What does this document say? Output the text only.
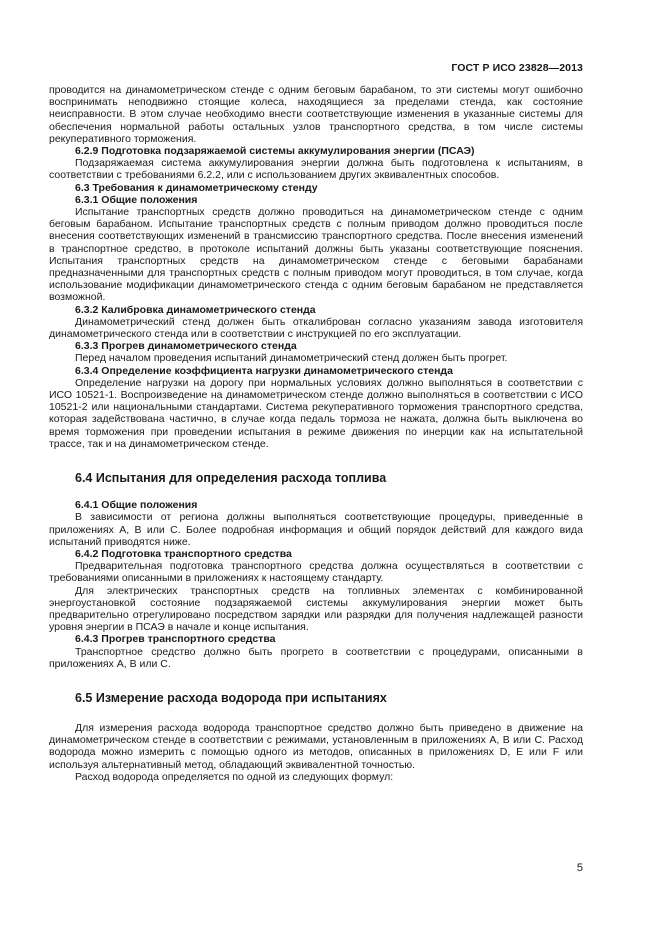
ГОСТ Р ИСО 23828—2013

проводится на динамометрическом стенде с одним беговым барабаном, то эти системы могут ошибочно воспринимать неподвижно стоящие колеса, находящиеся за пределами стенда, как состояние неисправности. В этом случае необходимо внести соответствующие изменения в указанные системы для обеспечения нормальной работы остальных узлов транспортного средства, в том числе системы рекуперативного торможения.

6.2.9 Подготовка подзаряжаемой системы аккумулирования энергии (ПСАЭ)

Подзаряжаемая система аккумулирования энергии должна быть подготовлена к испытаниям, в соответствии с требованиями 6.2.2, или с использованием других эквивалентных способов.

6.3 Требования к динамометрическому стенду
6.3.1 Общие положения

Испытание транспортных средств должно проводиться на динамометрическом стенде с одним беговым барабаном. Испытание транспортных средств с полным приводом должно проводиться после внесения соответствующих изменений в трансмиссию транспортного средства. После внесения изменений в транспортное средство, в протоколе испытаний должны быть указаны соответствующие пояснения. Испытания транспортных средств на динамометрическом стенде с беговыми барабанами предназначенными для транспортных средств с полным приводом могут проводиться, в том случае, когда использование модификации динамометрического стенда с одним беговым барабаном не представляется возможной.

6.3.2 Калибровка динамометрического стенда

Динамометрический стенд должен быть откалиброван согласно указаниям завода изготовителя динамометрического стенда или в соответствии с инструкцией по его эксплуатации.

6.3.3 Прогрев динамометрического стенда

Перед началом проведения испытаний динамометрический стенд должен быть прогрет.

6.3.4 Определение коэффициента нагрузки динамометрического стенда

Определение нагрузки на дорогу при нормальных условиях должно выполняться в соответствии с ИСО 10521-1. Воспроизведение на динамометрическом стенде должно выполняться в соответствии с ИСО 10521-2 или национальными стандартами. Система рекуперативного торможения транспортного средства, которая задействована частично, в случае когда педаль тормоза не нажата, должна быть выключена во время торможения при проведении испытания в режиме движения по инерции как на испытательной трассе, так и на динамометрическом стенде.

6.4 Испытания для определения расхода топлива
6.4.1 Общие положения

В зависимости от региона должны выполняться соответствующие процедуры, приведенные в приложениях А, В или С. Более подробная информация и общий порядок действий для каждого вида испытаний приводятся ниже.

6.4.2 Подготовка транспортного средства

Предварительная подготовка транспортного средства должна осуществляться в соответствии с требованиями описанными в приложениях к настоящему стандарту.

Для электрических транспортных средств на топливных элементах с комбинированной энергоустановкой состояние подзаряжаемой системы аккумулирования энергии может быть предварительно отрегулировано посредством зарядки или разрядки для получения надлежащей разности уровня энергии в ПСАЭ в начале и конце испытания.

6.4.3 Прогрев транспортного средства

Транспортное средство должно быть прогрето в соответствии с процедурами, описанными в приложениях А, В или С.

6.5 Измерение расхода водорода при испытаниях

Для измерения расхода водорода транспортное средство должно быть приведено в движение на динамометрическом стенде в соответствии с режимами, установленным в приложениях А, В или С. Расход водорода можно измерить с помощью одного из методов, описанных в приложениях D, E или F или используя альтернативный метод, обладающий эквивалентной точностью.

Расход водорода определяется по одной из следующих формул:

5
